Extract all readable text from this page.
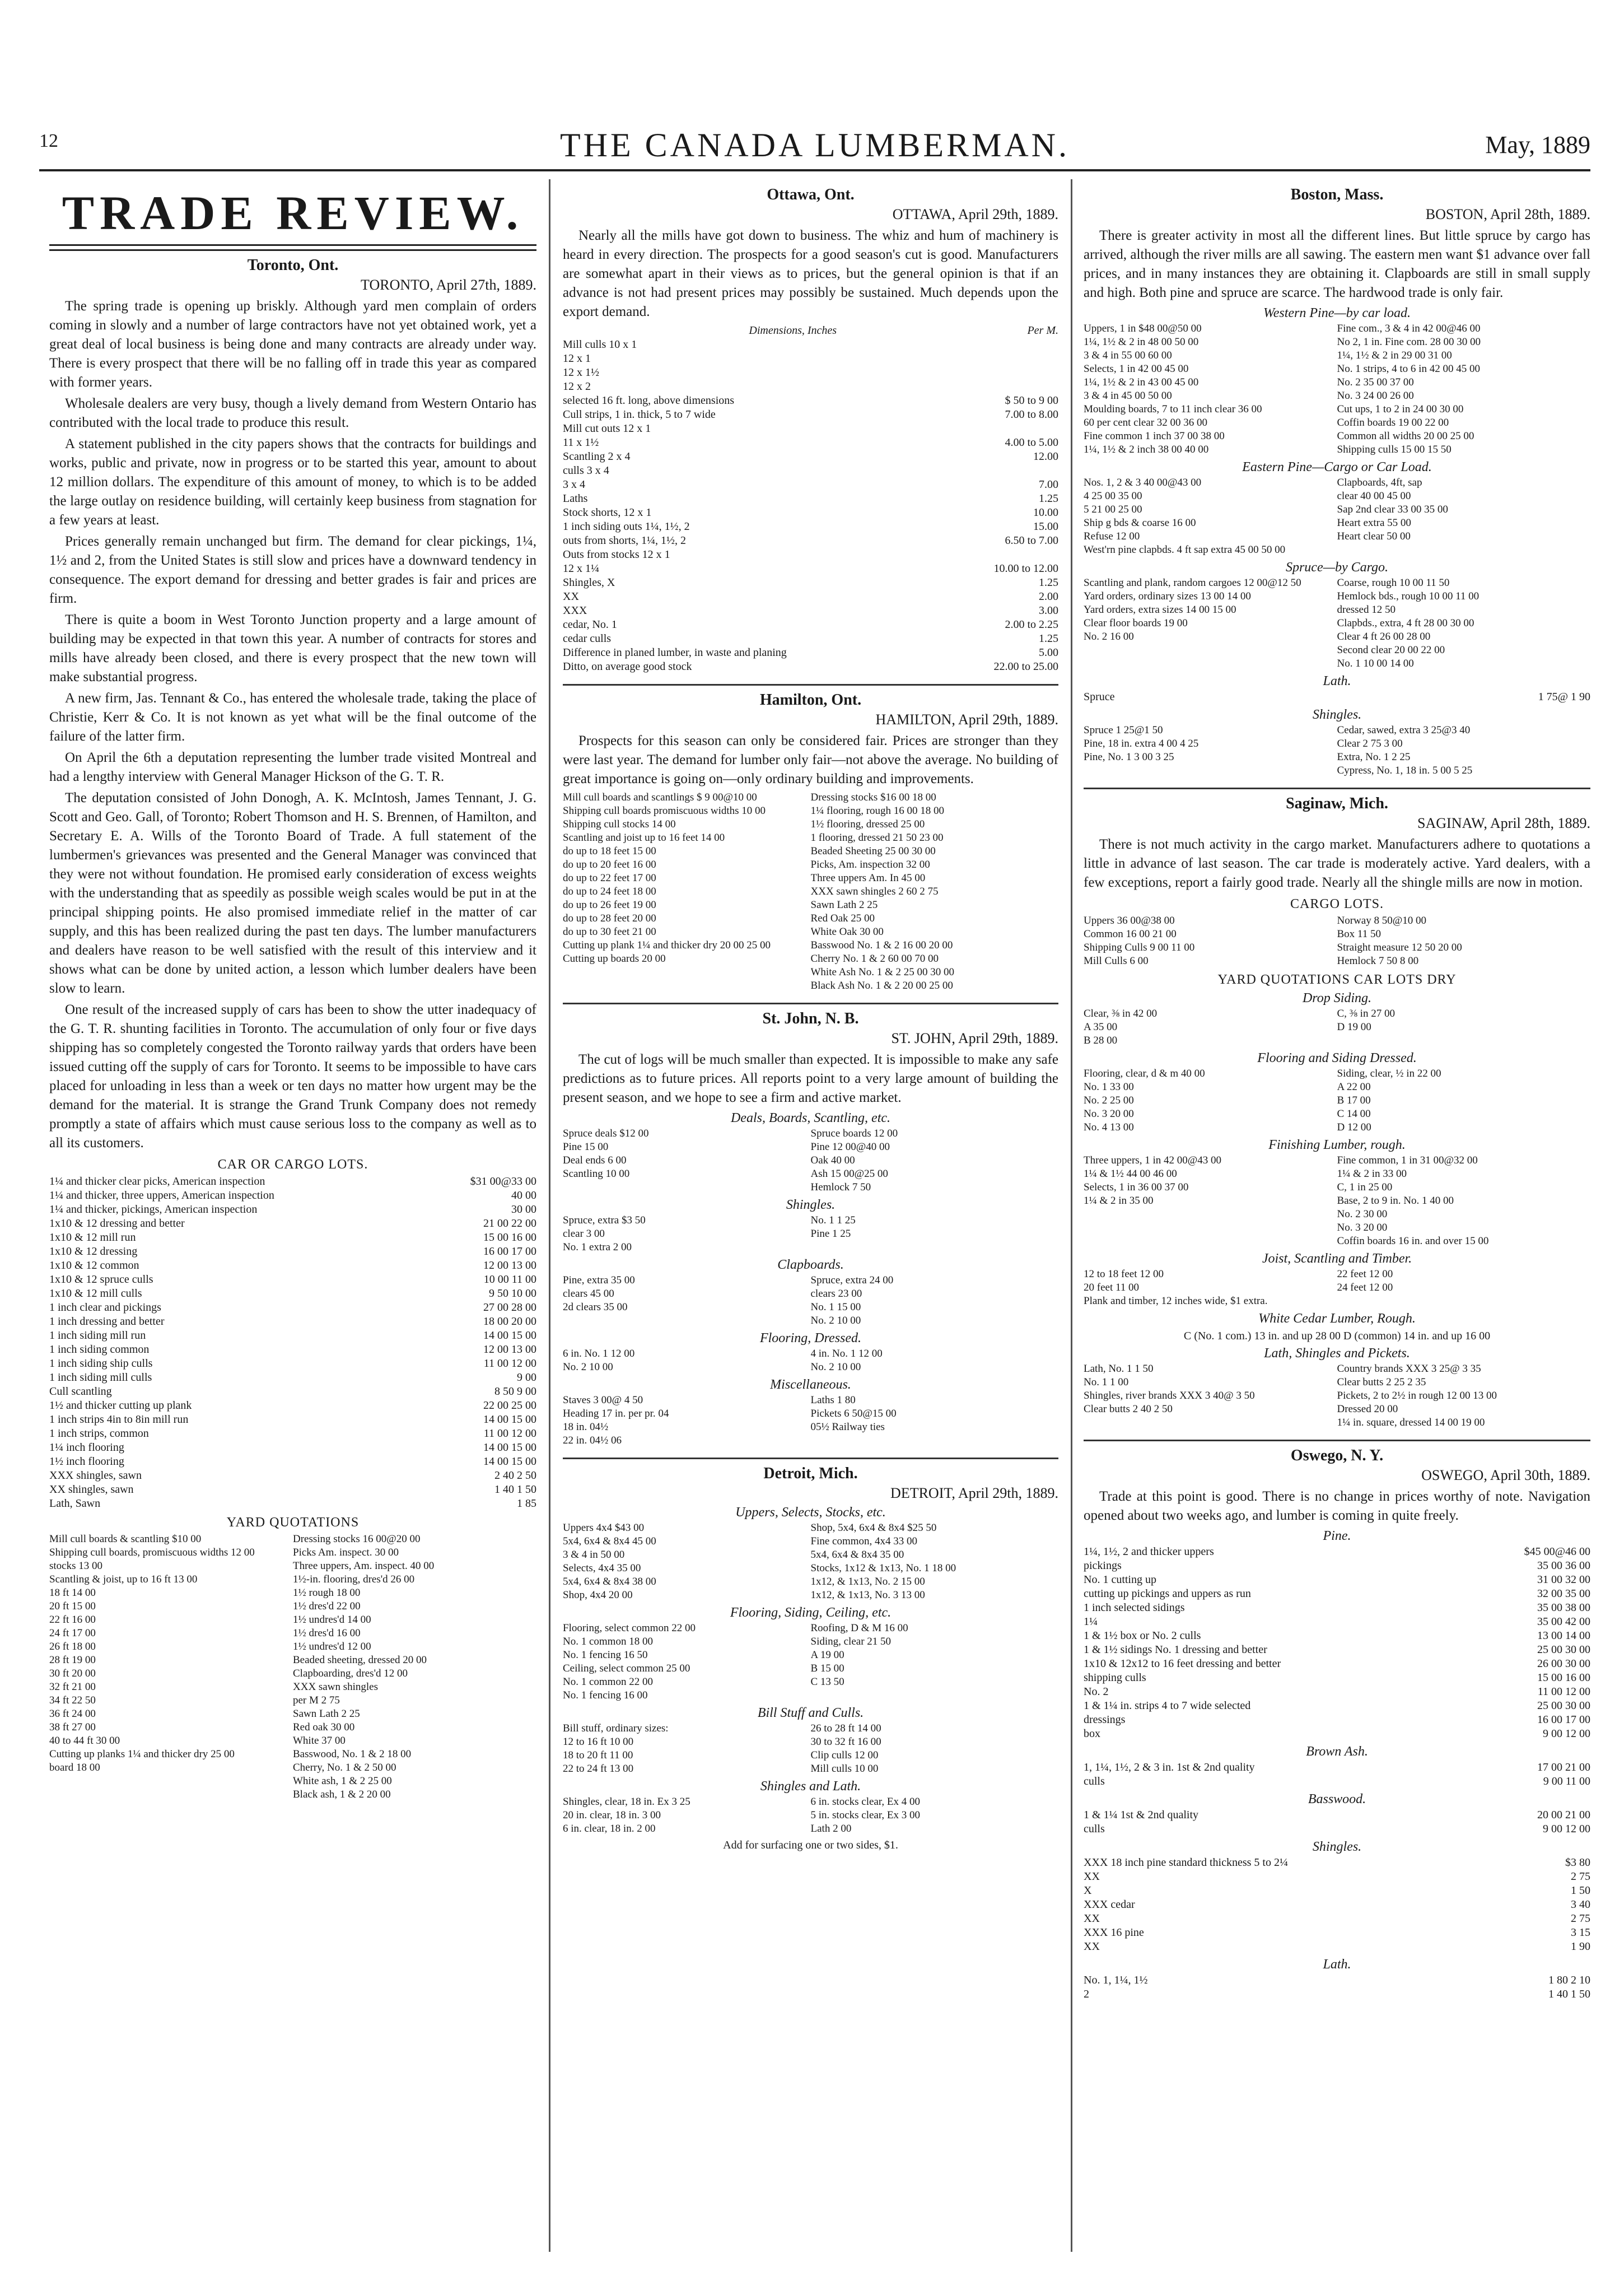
12	THE CANADA LUMBERMAN.	May, 1889
TRADE REVIEW.
Toronto, Ont.
TORONTO, April 27th, 1889.

The spring trade is opening up briskly. Although yard men complain of orders coming in slowly and a number of large contractors have not yet obtained work, yet a great deal of local business is being done and many contracts are already under way. There is every prospect that there will be no falling off in trade this year as compared with former years.

Wholesale dealers are very busy, though a lively demand from Western Ontario has contributed with the local trade to produce this result.

A statement published in the city papers shows that the contracts for buildings and works, public and private, now in progress or to be started this year, amount to about 12 million dollars. The expenditure of this amount of money, to which is to be added the large outlay on residence building, will certainly keep business from stagnation for a few years at least.

Prices generally remain unchanged but firm. The demand for clear pickings, 1¼, 1½ and 2, from the United States is still slow and prices have a downward tendency in consequence. The export demand for dressing and better grades is fair and prices are firm.

There is quite a boom in West Toronto Junction property and a large amount of building may be expected in that town this year. A number of contracts for stores and mills have already been closed, and there is every prospect that the new town will make substantial progress.

A new firm, Jas. Tennant & Co., has entered the wholesale trade, taking the place of Christie, Kerr & Co. It is not known as yet what will be the final outcome of the failure of the latter firm.

On April the 6th a deputation representing the lumber trade visited Montreal and had a lengthy interview with General Manager Hickson of the G. T. R.

The deputation consisted of John Donogh, A. K. McIntosh, James Tennant, J. G. Scott and Geo. Gall, of Toronto; Robert Thomson and H. S. Brennen, of Hamilton, and Secretary E. A. Wills of the Toronto Board of Trade. A full statement of the lumbermen's grievances was presented and the General Manager was convinced that they were not without foundation. He promised early consideration of excess weights with the understanding that as speedily as possible weigh scales would be put in at the principal shipping points. He also promised immediate relief in the matter of car supply, and this has been realized during the past ten days. The lumber manufacturers and dealers have reason to be well satisfied with the result of this interview and it shows what can be done by united action, a lesson which lumber dealers have been slow to learn.

One result of the increased supply of cars has been to show the utter inadequacy of the G. T. R. shunting facilities in Toronto. The accumulation of only four or five days shipping has so completely congested the Toronto railway yards that orders have been issued cutting off the supply of cars for Toronto. It seems to be impossible to have cars placed for unloading in less than a week or ten days no matter how urgent may be the demand for the material. It is strange the Grand Trunk Company does not remedy promptly a state of affairs which must cause serious loss to the company as well as to all its customers.

CAR OR CARGO LOTS.
1¼ and thicker clear picks, American inspection	$31 00@33 00
1¼ and thicker, three uppers, American inspection	40 00
1¼ and thicker, pickings, American inspection	30 00
1x10 & 12 dressing and better	21 00 22 00
1x10 & 12 mill run	15 00 16 00
1x10 & 12 dressing	16 00 17 00
1x10 & 12 common	12 00 13 00
1x10 & 12 spruce culls	10 00 11 00
1x10 & 12 mill culls	9 50 10 00
1 inch clear and pickings	27 00 28 00
1 inch dressing and better	18 00 20 00
1 inch siding mill run	14 00 15 00
1 inch siding common	12 00 13 00
1 inch siding ship culls	11 00 12 00
1 inch siding mill culls	9 00
Cull scantling	8 50 9 00
1½ and thicker cutting up plank	22 00 25 00
1 inch strips 4in to 8in mill run	14 00 15 00
1 inch strips, common	11 00 12 00
1¼ inch flooring	14 00 15 00
1½ inch flooring	14 00 15 00
XXX shingles, sawn	2 40 2 50
XX shingles, sawn	1 40 1 50
Lath, Sawn	1 85
YARD QUOTATIONS
Mill cull boards & scantling $10 00	Dressing stocks 16 00@20 00
Shipping cull boards, promiscuous widths 12 00	Picks Am. inspect. 30 00
stocks 13 00	Three uppers, Am. inspect. 40 00
Scantling & joist, up to 16 ft 13 00	1½-in. flooring, dres'd 26 00
18 ft 14 00	1½ rough 18 00
20 ft 15 00	1½ dres'd 22 00
22 ft 16 00	1½ undres'd 14 00
24 ft 17 00	1½ dres'd 16 00
26 ft 18 00	1½ undres'd 12 00
28 ft 19 00	Beaded sheeting, dressed 20 00
30 ft 20 00	Clapboarding, dres'd 12 00
32 ft 21 00	XXX sawn shingles
34 ft 22 50	per M 2 75
36 ft 24 00	Sawn Lath 2 25
38 ft 27 00	Red oak 30 00
40 to 44 ft 30 00	White 37 00
Cutting up planks 1¼ and thicker dry 25 00	Basswood, No. 1 & 2 18 00
board 18 00	Cherry, No. 1 & 2 50 00
White ash, 1 & 2 25 00
Black ash, 1 & 2 20 00
Ottawa, Ont.
OTTAWA, April 29th, 1889.

Nearly all the mills have got down to business. The whiz and hum of machinery is heard in every direction. The prospects for a good season's cut is good. Manufacturers are somewhat apart in their views as to prices, but the general opinion is that if an advance is not had present prices may possibly be sustained. Much depends upon the export demand.

Dimensions, Inches	Per M.
Mill culls 10 x 1
12 x 1
12 x 1½
12 x 2
selected 16 ft. long, above dimensions	$ 50 to 9 00
Cull strips, 1 in. thick, 5 to 7 wide	7.00 to 8.00
Mill cut outs 12 x 1
11 x 1½	4.00 to 5.00
Scantling 2 x 4	12.00
culls 3 x 4
3 x 4	7.00
Laths	1.25
Stock shorts, 12 x 1	10.00
1 inch siding outs 1¼, 1½, 2	15.00
outs from shorts, 1¼, 1½, 2	6.50 to 7.00
Outs from stocks 12 x 1
12 x 1¼	10.00 to 12.00
Shingles, X	1.25
XX	2.00
XXX	3.00
cedar, No. 1	2.00 to 2.25
cedar culls	1.25
Difference in planed lumber, in waste and planing	5.00
Ditto, on average good stock	22.00 to 25.00
Hamilton, Ont.
HAMILTON, April 29th, 1889.

Prospects for this season can only be considered fair. Prices are stronger than they were last year. The demand for lumber only fair—not above the average. No building of great importance is going on—only ordinary building and improvements.

Mill cull boards and scantlings $ 9 00@10 00	Dressing stocks $16 00 18 00
Shipping cull boards promiscuous widths 10 00	1¼ flooring, rough 16 00 18 00
Shipping cull stocks 14 00	1½ flooring, dressed 25 00
Scantling and joist up to 16 feet 14 00	1 flooring, dressed 21 50 23 00
do up to 18 feet 15 00	Beaded Sheeting 25 00 30 00
do up to 20 feet 16 00	Picks, Am. inspection 32 00
do up to 22 feet 17 00	Three uppers Am. In 45 00
do up to 24 feet 18 00	XXX sawn shingles 2 60 2 75
do up to 26 feet 19 00	Sawn Lath 2 25
do up to 28 feet 20 00	Red Oak 25 00
do up to 30 feet 21 00	White Oak 30 00
Cutting up plank 1¼ and thicker dry 20 00 25 00	Basswood No. 1 & 2 16 00 20 00
Cutting up boards 20 00	Cherry No. 1 & 2 60 00 70 00
White Ash No. 1 & 2 25 00 30 00
Black Ash No. 1 & 2 20 00 25 00
St. John, N. B.
ST. JOHN, April 29th, 1889.

The cut of logs will be much smaller than expected. It is impossible to make any safe predictions as to future prices. All reports point to a very large amount of building the present season, and we hope to see a firm and active market.

Deals, Boards, Scantling, etc.
Spruce deals $12 00	Spruce boards 12 00
Pine 15 00	Pine 12 00@40 00
Deal ends 6 00	Oak 40 00
Scantling 10 00	Ash 15 00@25 00
Hemlock 7 50
Shingles.
Spruce, extra $3 50	No. 1 1 25
clear 3 00	Pine 1 25
No. 1 extra 2 00
Clapboards.
Pine, extra 35 00	Spruce, extra 24 00
clears 45 00	clears 23 00
2d clears 35 00	No. 1 15 00
No. 2 10 00
Flooring, Dressed.
6 in. No. 1 12 00	4 in. No. 1 12 00
No. 2 10 00	No. 2 10 00
Miscellaneous.
Staves 3 00@ 4 50	Laths 1 80
Heading 17 in. per pr. 04	Pickets 6 50@15 00
18 in. 04½	05½ Railway ties
22 in. 04½ 06
Detroit, Mich.
DETROIT, April 29th, 1889.
Uppers, Selects, Stocks, etc.
Uppers 4x4 $43 00	Shop, 5x4, 6x4 & 8x4 $25 50
5x4, 6x4 & 8x4 45 00	Fine common, 4x4 33 00
3 & 4 in 50 00	5x4, 6x4 & 8x4 35 00
Selects, 4x4 35 00	Stocks, 1x12 & 1x13, No. 1 18 00
5x4, 6x4 & 8x4 38 00	1x12, & 1x13, No. 2 15 00
Shop, 4x4 20 00	1x12, & 1x13, No. 3 13 00
Flooring, Siding, Ceiling, etc.
Flooring, select common 22 00	Roofing, D & M 16 00
No. 1 common 18 00	Siding, clear 21 50
No. 1 fencing 16 50	A 19 00
Ceiling, select common 25 00	B 15 00
No. 1 common 22 00	C 13 50
No. 1 fencing 16 00
Bill Stuff and Culls.
Bill stuff, ordinary sizes:	26 to 28 ft 14 00
12 to 16 ft 10 00	30 to 32 ft 16 00
18 to 20 ft 11 00	Clip culls 12 00
22 to 24 ft 13 00	Mill culls 10 00
Shingles and Lath.
Shingles, clear, 18 in. Ex 3 25	6 in. stocks clear, Ex 4 00
20 in. clear, 18 in. 3 00	5 in. stocks clear, Ex 3 00
6 in. clear, 18 in. 2 00	Lath 2 00
Add for surfacing one or two sides, $1.
Boston, Mass.
BOSTON, April 28th, 1889.

There is greater activity in most all the different lines. But little spruce by cargo has arrived, although the river mills are all sawing. The eastern men want $1 advance over fall prices, and in many instances they are obtaining it. Clapboards are still in small supply and high. Both pine and spruce are scarce. The hardwood trade is only fair.

Western Pine—by car load.
Uppers, 1 in $48 00@50 00	Fine com., 3 & 4 in 42 00@46 00
1¼, 1½ & 2 in 48 00 50 00	No 2, 1 in. Fine com. 28 00 30 00
3 & 4 in 55 00 60 00	1¼, 1½ & 2 in 29 00 31 00
Selects, 1 in 42 00 45 00	No. 1 strips, 4 to 6 in 42 00 45 00
1¼, 1½ & 2 in 43 00 45 00	No. 2 35 00 37 00
3 & 4 in 45 00 50 00	No. 3 24 00 26 00
Moulding boards, 7 to 11 inch clear 36 00	Cut ups, 1 to 2 in 24 00 30 00
60 per cent clear 32 00 36 00	Coffin boards 19 00 22 00
Fine common 1 inch 37 00 38 00	Common all widths 20 00 25 00
1¼, 1½ & 2 inch 38 00 40 00	Shipping culls 15 00 15 50
Eastern Pine—Cargo or Car Load.
Nos. 1, 2 & 3 40 00@43 00	Clapboards, 4ft, sap
4 25 00 35 00	clear 40 00 45 00
5 21 00 25 00	Sap 2nd clear 33 00 35 00
Ship g bds & coarse 16 00	Heart extra 55 00
Refuse 12 00	Heart clear 50 00
West'rn pine clapbds. 4 ft sap extra 45 00 50 00
Spruce—by Cargo.
Scantling and plank, random cargoes 12 00@12 50	Coarse, rough 10 00 11 50
Yard orders, ordinary sizes 13 00 14 00	Hemlock bds., rough 10 00 11 00
Yard orders, extra sizes 14 00 15 00	dressed 12 50
Clear floor boards 19 00	Clapbds., extra, 4 ft 28 00 30 00
No. 2 16 00	Clear 4 ft 26 00 28 00
Second clear 20 00 22 00
No. 1 10 00 14 00
Lath.
Spruce	1 75@ 1 90
Shingles.
Spruce 1 25@1 50	Cedar, sawed, extra 3 25@3 40
Pine, 18 in. extra 4 00 4 25	Clear 2 75 3 00
Pine, No. 1 3 00 3 25	Extra, No. 1 2 25
Cypress, No. 1, 18 in. 5 00 5 25
Saginaw, Mich.
SAGINAW, April 28th, 1889.

There is not much activity in the cargo market. Manufacturers adhere to quotations a little in advance of last season. The car trade is moderately active. Yard dealers, with a few exceptions, report a fairly good trade. Nearly all the shingle mills are now in motion.

CARGO LOTS.
Uppers 36 00@38 00	Norway 8 50@10 00
Common 16 00 21 00	Box 11 50
Shipping Culls 9 00 11 00	Straight measure 12 50 20 00
Mill Culls 6 00	Hemlock 7 50 8 00
YARD QUOTATIONS CAR LOTS DRY
Drop Siding.
Clear, ⅜ in 42 00	C, ⅜ in 27 00
A 35 00	D 19 00
B 28 00
Flooring and Siding Dressed.
Flooring, clear, d & m 40 00	Siding, clear, ½ in 22 00
No. 1 33 00	A 22 00
No. 2 25 00	B 17 00
No. 3 20 00	C 14 00
No. 4 13 00	D 12 00
Finishing Lumber, rough.
Three uppers, 1 in 42 00@43 00	Fine common, 1 in 31 00@32 00
1¼ & 1½ 44 00 46 00	1¼ & 2 in 33 00
Selects, 1 in 36 00 37 00	C, 1 in 25 00
1¼ & 2 in 35 00	Base, 2 to 9 in. No. 1 40 00
No. 2 30 00
No. 3 20 00
Coffin boards 16 in. and over 15 00
Joist, Scantling and Timber.
12 to 18 feet 12 00	22 feet 12 00
20 feet 11 00	24 feet 12 00
Plank and timber, 12 inches wide, $1 extra.
White Cedar Lumber, Rough.
C (No. 1 com.) 13 in. and up 28 00 D (common) 14 in. and up 16 00
Lath, Shingles and Pickets.
Lath, No. 1 1 50	Country brands XXX 3 25@ 3 35
No. 1 1 00	Clear butts 2 25 2 35
Shingles, river brands XXX 3 40@ 3 50	Pickets, 2 to 2½ in rough 12 00 13 00
Clear butts 2 40 2 50	Dressed 20 00
1¼ in. square, dressed 14 00 19 00
Oswego, N. Y.
OSWEGO, April 30th, 1889.

Trade at this point is good. There is no change in prices worthy of note. Navigation opened about two weeks ago, and lumber is coming in quite freely.

Pine.
1¼, 1½, 2 and thicker uppers	$45 00@46 00
pickings	35 00 36 00
No. 1 cutting up	31 00 32 00
cutting up pickings and uppers as run	32 00 35 00
1 inch selected sidings	35 00 38 00
1¼	35 00 42 00
1 & 1½ box or No. 2 culls	13 00 14 00
1 & 1½ sidings No. 1 dressing and better	25 00 30 00
1x10 & 12x12 to 16 feet dressing and better	26 00 30 00
shipping culls	15 00 16 00
No. 2	11 00 12 00
1 & 1¼ in. strips 4 to 7 wide selected	25 00 30 00
dressings	16 00 17 00
box	9 00 12 00
Brown Ash.
1, 1¼, 1½, 2 & 3 in. 1st & 2nd quality	17 00 21 00
culls	9 00 11 00
Basswood.
1 & 1¼ 1st & 2nd quality	20 00 21 00
culls	9 00 12 00
Shingles.
XXX 18 inch pine standard thickness 5 to 2¼	$3 80
XX	2 75
X	1 50
XXX cedar	3 40
XX	2 75
XXX 16 pine	3 15
XX	1 90
Lath.
No. 1, 1¼, 1½	1 80 2 10
2	1 40 1 50
